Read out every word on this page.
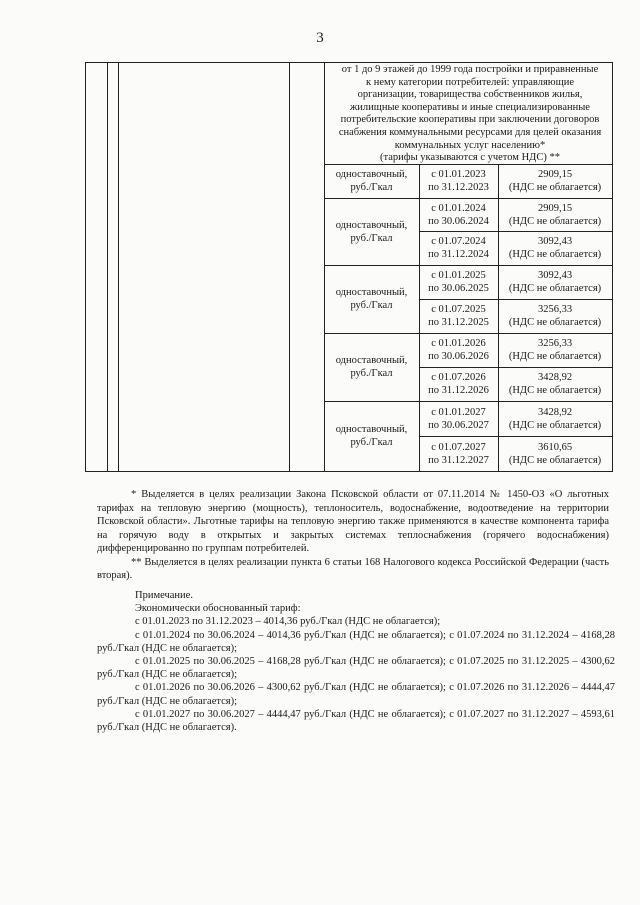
3
от 1 до 9 этажей до 1999 года постройки и приравненные
к нему категории потребителей: управляющие
организации, товарищества собственников жилья,
жилищные кооперативы и иные специализированные
потребительские кооперативы при заключении договоров
снабжения коммунальными ресурсами для целей оказания
коммунальных услуг населению*
(тарифы указываются с учетом НДС) **
одноставочный,
руб./Гкал
с 01.01.2023
по 31.12.2023
2909,15
(НДС не облагается)
одноставочный,
руб./Гкал
с 01.01.2024
по 30.06.2024
2909,15
(НДС не облагается)
с 01.07.2024
по 31.12.2024
3092,43
(НДС не облагается)
одноставочный,
руб./Гкал
с 01.01.2025
по 30.06.2025
3092,43
(НДС не облагается)
с 01.07.2025
по 31.12.2025
3256,33
(НДС не облагается)
одноставочный,
руб./Гкал
с 01.01.2026
по 30.06.2026
3256,33
(НДС не облагается)
с 01.07.2026
по 31.12.2026
3428,92
(НДС не облагается)
одноставочный,
руб./Гкал
с 01.01.2027
по 30.06.2027
3428,92
(НДС не облагается)
с 01.07.2027
по 31.12.2027
3610,65
(НДС не облагается)

* Выделяется в целях реализации Закона Псковской области от 07.11.2014 № 1450-ОЗ «О льготных тарифах на тепловую энергию (мощность), теплоноситель, водоснабжение, водоотведение на территории Псковской области». Льготные тарифы на тепловую энергию также применяются в качестве компонента тарифа на горячую воду в открытых и закрытых системах теплоснабжения (горячего водоснабжения) дифференцированно по группам потребителей.

** Выделяется в целях реализации пункта 6 статьи 168 Налогового кодекса Российской Федерации (часть вторая).

Примечание.

Экономически обоснованный тариф:

с 01.01.2023 по 31.12.2023 – 4014,36 руб./Гкал (НДС не облагается);

с 01.01.2024 по 30.06.2024 – 4014,36 руб./Гкал (НДС не облагается); с 01.07.2024 по 31.12.2024 – 4168,28 руб./Гкал (НДС не облагается);

с 01.01.2025 по 30.06.2025 – 4168,28 руб./Гкал (НДС не облагается); с 01.07.2025 по 31.12.2025 – 4300,62 руб./Гкал (НДС не облагается);

с 01.01.2026 по 30.06.2026 – 4300,62 руб./Гкал (НДС не облагается); с 01.07.2026 по 31.12.2026 – 4444,47 руб./Гкал (НДС не облагается);

с 01.01.2027 по 30.06.2027 – 4444,47 руб./Гкал (НДС не облагается); с 01.07.2027 по 31.12.2027 – 4593,61 руб./Гкал (НДС не облагается).
